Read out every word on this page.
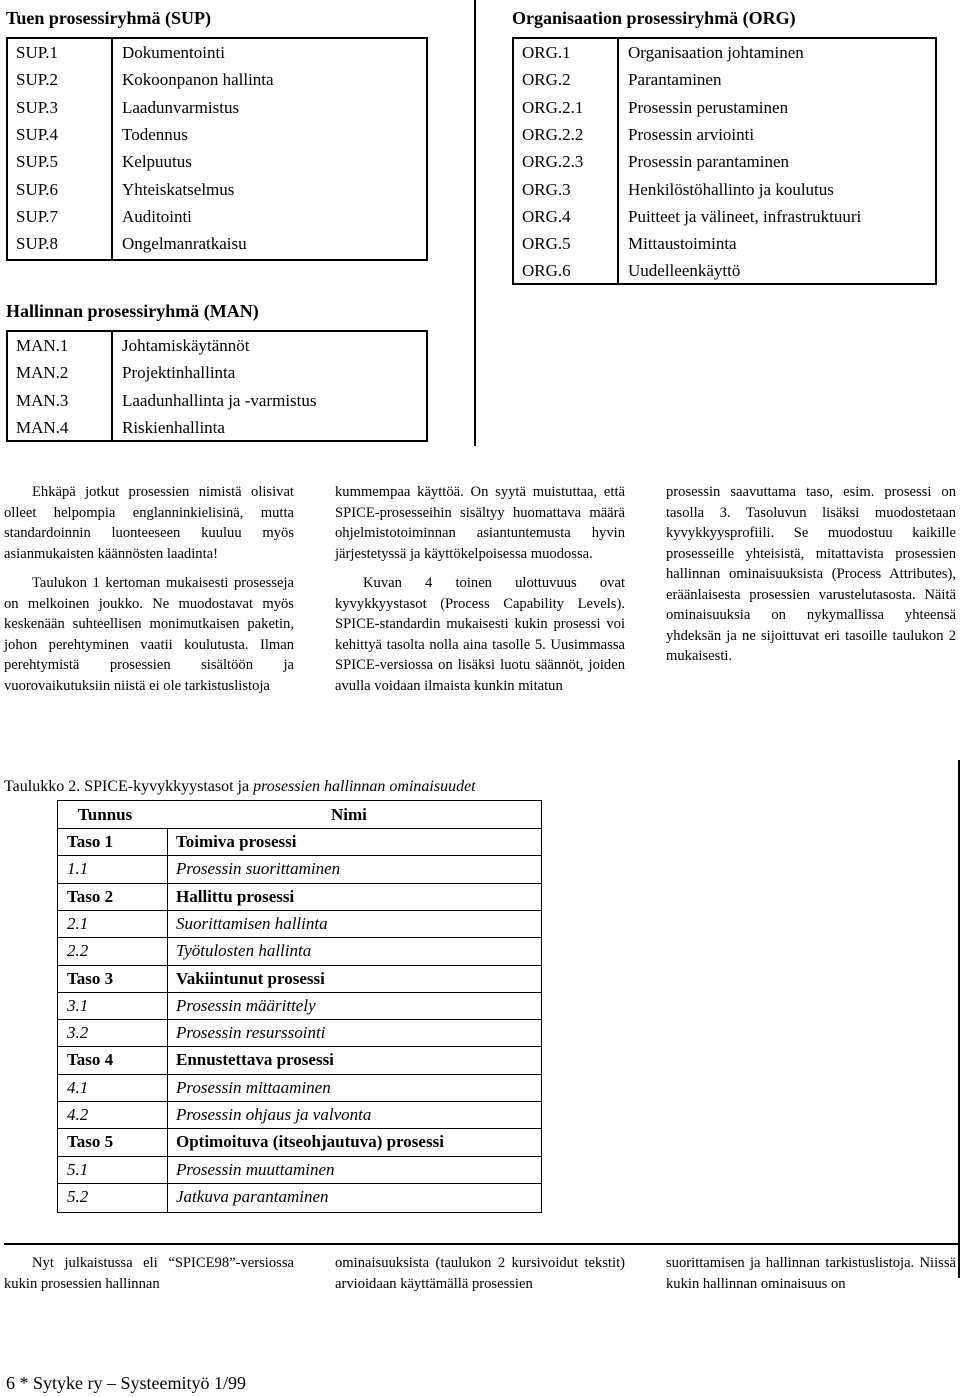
Tuen prosessiryhmä (SUP)
SUP.1	Dokumentointi
SUP.2	Kokoonpanon hallinta
SUP.3	Laadunvarmistus
SUP.4	Todennus
SUP.5	Kelpuutus
SUP.6	Yhteiskatselmus
SUP.7	Auditointi
SUP.8	Ongelmanratkaisu
Hallinnan prosessiryhmä (MAN)
MAN.1	Johtamiskäytännöt
MAN.2	Projektinhallinta
MAN.3	Laadunhallinta ja -varmistus
MAN.4	Riskienhallinta
Organisaation prosessiryhmä (ORG)
ORG.1	Organisaation johtaminen
ORG.2	Parantaminen
ORG.2.1	Prosessin perustaminen
ORG.2.2	Prosessin arviointi
ORG.2.3	Prosessin parantaminen
ORG.3	Henkilöstöhallinto ja koulutus
ORG.4	Puitteet ja välineet, infrastruktuuri
ORG.5	Mittaustoiminta
ORG.6	Uudelleenkäyttö

Ehkäpä jotkut prosessien nimistä olisivat olleet helpompia englanninkielisinä, mutta standardoinnin luonteeseen kuuluu myös asianmukaisten käännösten laadinta!

Taulukon 1 kertoman mukaisesti prosesseja on melkoinen joukko. Ne muodostavat myös keskenään suhteellisen monimutkaisen paketin, johon perehtyminen vaatii koulutusta. Ilman perehtymistä prosessien sisältöön ja vuorovaikutuksiin niistä ei ole tarkistuslistoja

kummempaa käyttöä. On syytä muistuttaa, että SPICE-prosesseihin sisältyy huomattava määrä ohjelmistotoiminnan asiantuntemusta hyvin järjestetyssä ja käyttökelpoisessa muodossa.

Kuvan 4 toinen ulottuvuus ovat kyvykkyystasot (Process Capability Levels). SPICE-standardin mukaisesti kukin prosessi voi kehittyä tasolta nolla aina tasolle 5. Uusimmassa SPICE-versiossa on lisäksi luotu säännöt, joiden avulla voidaan ilmaista kunkin mitatun

prosessin saavuttama taso, esim. prosessi on tasolla 3. Tasoluvun lisäksi muodostetaan kyvykkyysprofiili. Se muodostuu kaikille prosesseille yhteisistä, mitattavista prosessien hallinnan ominaisuuksista (Process Attributes), eräänlaisesta prosessien varustelutasosta. Näitä ominaisuuksia on nykymallissa yhteensä yhdeksän ja ne sijoittuvat eri tasoille taulukon 2 mukaisesti.

Taulukko 2. SPICE-kyvykkyystasot ja prosessien hallinnan ominaisuudet
Tunnus	Nimi
Taso 1	Toimiva prosessi
1.1	Prosessin suorittaminen
Taso 2	Hallittu prosessi
2.1	Suorittamisen hallinta
2.2	Työtulosten hallinta
Taso 3	Vakiintunut prosessi
3.1	Prosessin määrittely
3.2	Prosessin resurssointi
Taso 4	Ennustettava prosessi
4.1	Prosessin mittaaminen
4.2	Prosessin ohjaus ja valvonta
Taso 5	Optimoituva (itseohjautuva) prosessi
5.1	Prosessin muuttaminen
5.2	Jatkuva parantaminen

Nyt julkaistussa eli “SPICE98”-versiossa kukin prosessien hallinnan

ominaisuuksista (taulukon 2 kursivoidut tekstit) arvioidaan käyttämällä prosessien

suorittamisen ja hallinnan tarkistuslistoja. Niissä kukin hallinnan ominaisuus on

6 * Sytyke ry – Systeemityö 1/99
